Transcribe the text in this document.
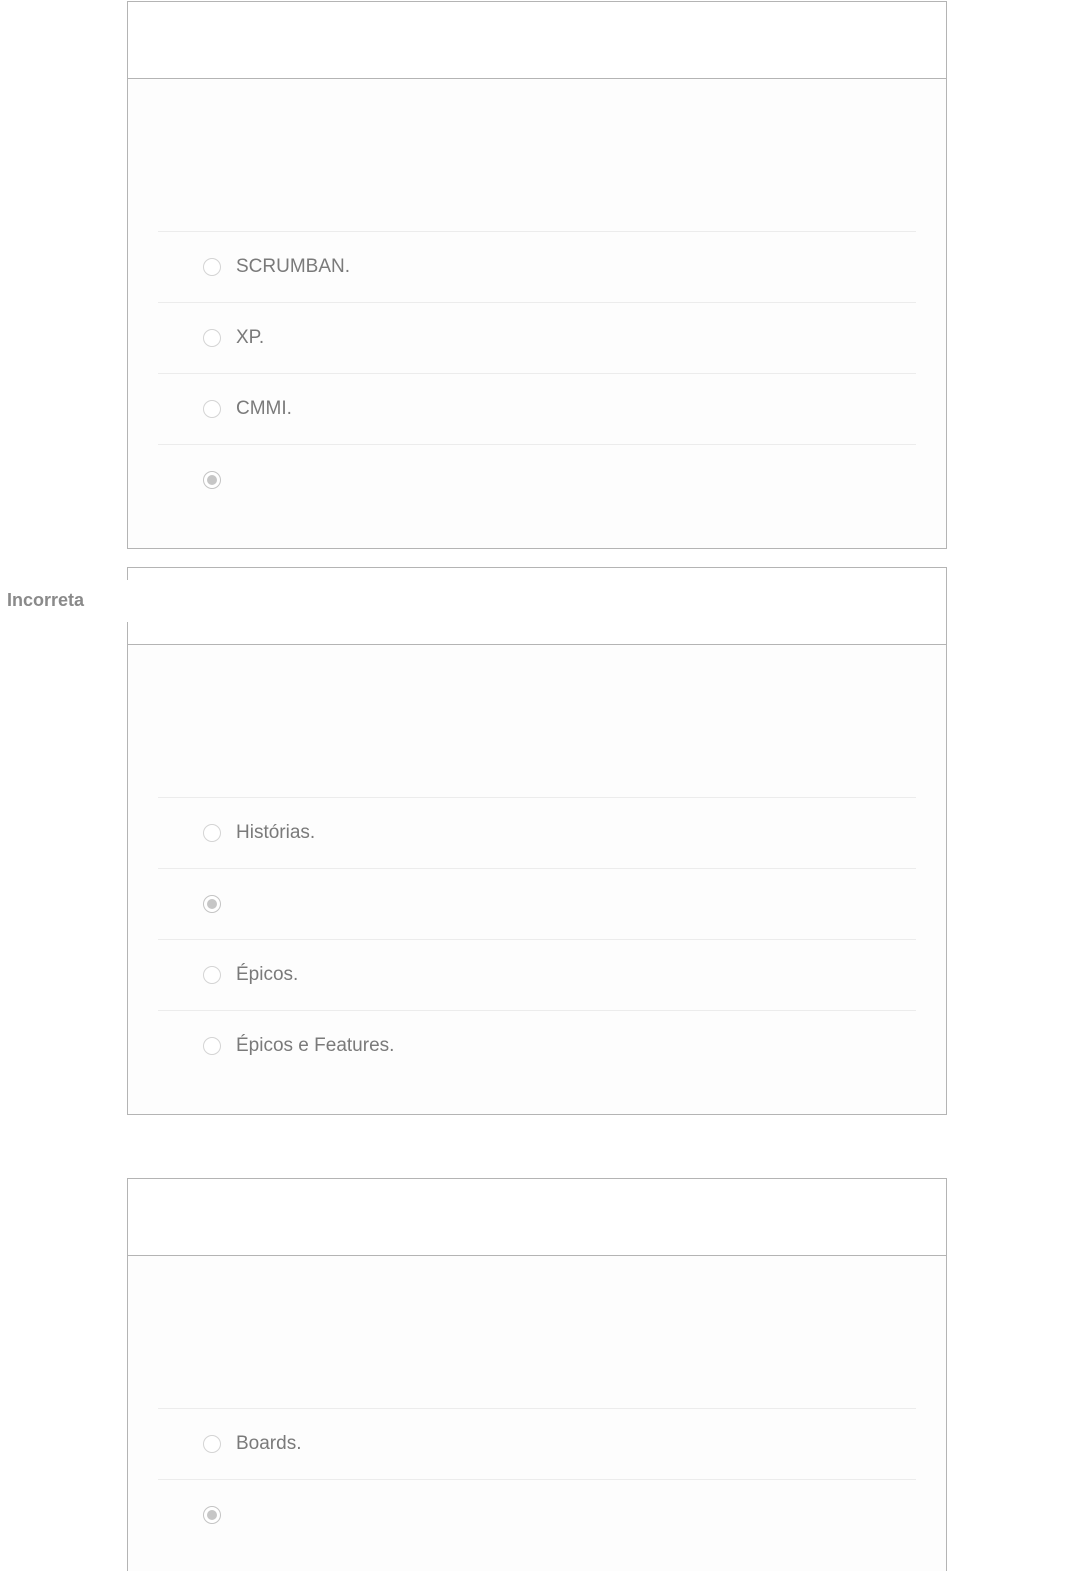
SCRUMBAN.
XP.
CMMI.
Histórias.
Épicos.
Épicos e Features.
Incorreta
Boards.
